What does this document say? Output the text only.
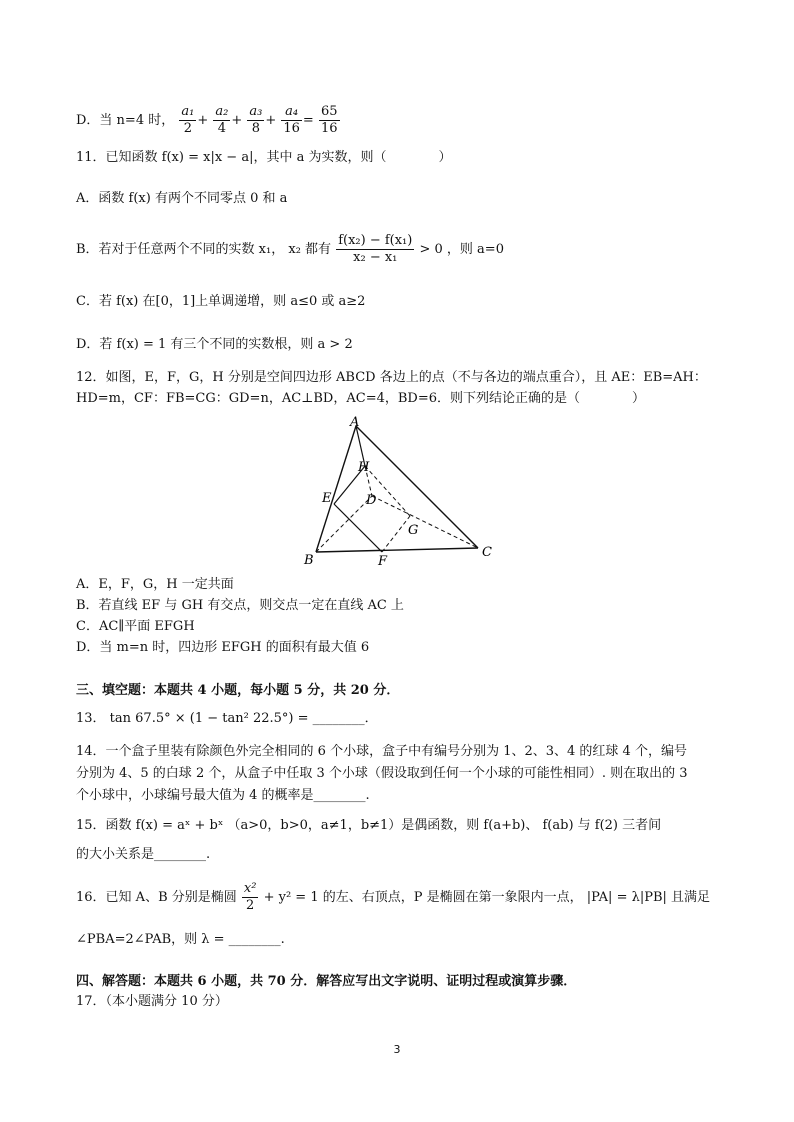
D．当 n=4 时， $\frac{\text{a₁}}{2} + \frac{\text{a₂}}{4} + \frac{\text{a₃}}{8} + \frac{\text{a₄}}{16} = \frac{65}{16}$
11．已知函数 f(x) = x|x − a|，其中 a 为实数，则（　　　　）
A．函数 f(x) 有两个不同零点 0 和 a
B．若对于任意两个不同的实数 x₁， x₂ 都有 $\frac{\text{f(x₂) − f(x₁)}}{\text{x₂ − x₁}} > 0$ ，则 a=0
C．若 f(x) 在[0，1]上单调递增，则 a≤0 或 a≥2
D．若 f(x) = 1 有三个不同的实数根，则 a > 2
12．如图，E，F，G，H 分别是空间四边形 ABCD 各边上的点（不与各边的端点重合），且 AE：EB=AH：
HD=m，CF：FB=CG：GD=n，AC⊥BD，AC=4，BD=6．则下列结论正确的是（　　　　）
A
B
C
D
E
F
G
H
A．E，F，G，H 一定共面
B．若直线 EF 与 GH 有交点，则交点一定在直线 AC 上
C．AC∥平面 EFGH
D．当 m=n 时，四边形 EFGH 的面积有最大值 6
三、填空题：本题共 4 小题，每小题 5 分，共 20 分．
13． tan 67.5° × (1 − tan² 22.5°) = ________．
14．一个盒子里装有除颜色外完全相同的 6 个小球，盒子中有编号分别为 1、2、3、4 的红球 4 个，编号
分别为 4、5 的白球 2 个，从盒子中任取 3 个小球（假设取到任何一个小球的可能性相同）. 则在取出的 3
个小球中，小球编号最大值为 4 的概率是________.
15．函数 f(x) = aˣ + bˣ （a>0，b>0，a≠1，b≠1）是偶函数，则 f(a+b)、 f(ab) 与 f(2) 三者间
的大小关系是________.
16．已知 A、B 分别是椭圆 $\frac{\text{x²}}{2} + y^2 = 1$ 的左、右顶点，P 是椭圆在第一象限内一点， |PA| = λ|PB| 且满足
∠PBA=2∠PAB，则 λ = ________.
四、解答题：本题共 6 小题，共 70 分．解答应写出文字说明、证明过程或演算步骤．
17．（本小题满分 10 分）
3
